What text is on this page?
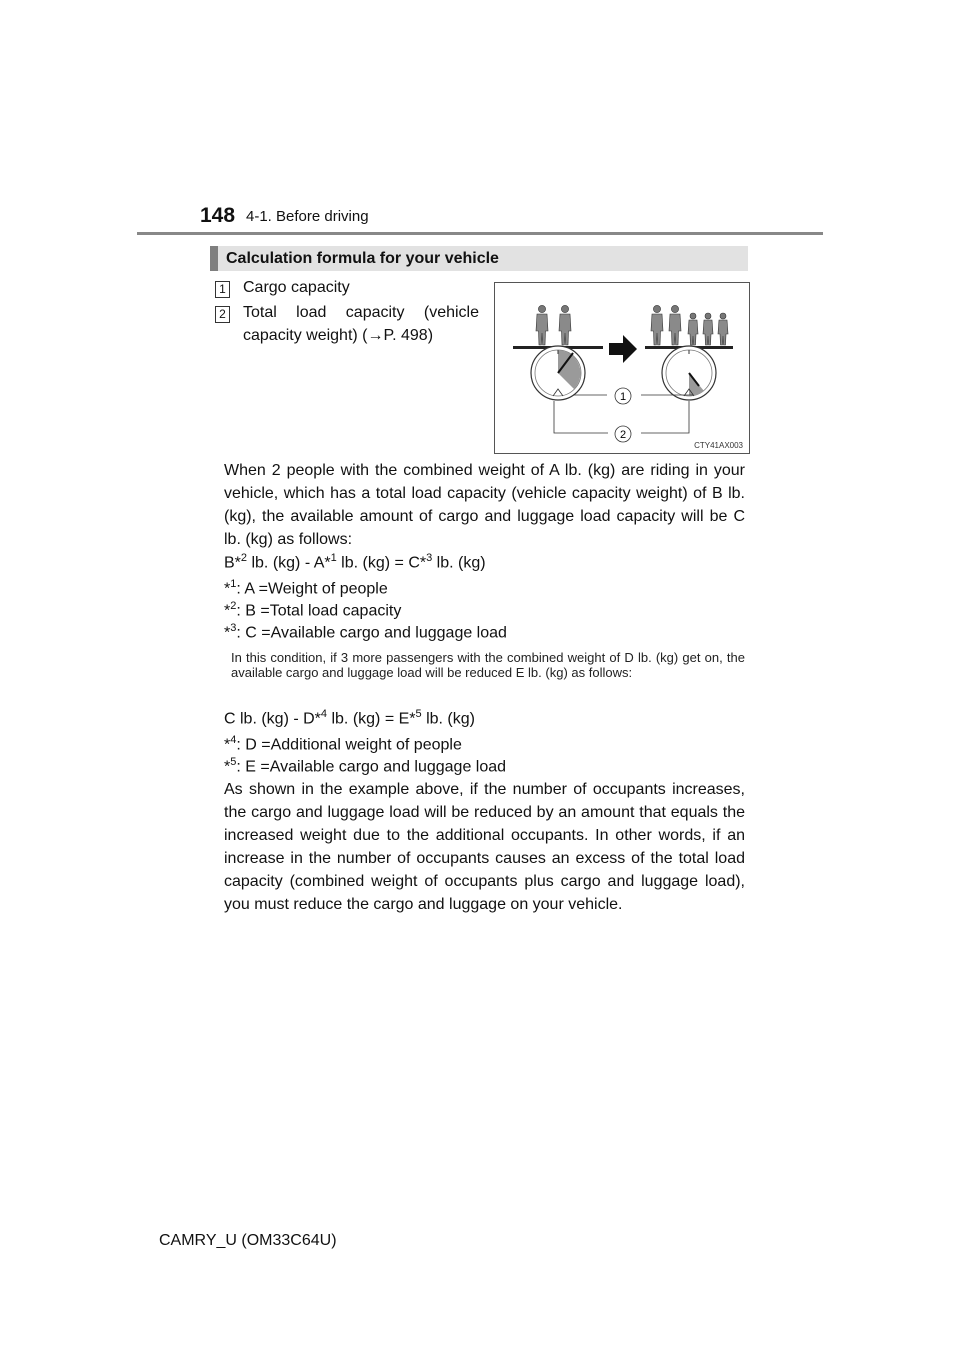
148 4-1. Before driving
Calculation formula for your vehicle
1 Cargo capacity
2 Total load capacity (vehicle
capacity weight) (→P. 498)
1
2
CTY41AX003
When 2 people with the combined weight of A lb. (kg) are riding in your vehicle, which has a total load capacity (vehicle capacity weight) of B lb. (kg), the available amount of cargo and luggage load capacity will be C lb. (kg) as follows:
B*$^2$ lb. (kg) - A*$^1$ lb. (kg) = C*$^3$ lb. (kg)
*$^1$: A =Weight of people
*$^2$: B =Total load capacity
*$^3$: C =Available cargo and luggage load
In this condition, if 3 more passengers with the combined weight of D lb. (kg) get on, the available cargo and luggage load will be reduced E lb. (kg) as follows:
C lb. (kg) - D*$^4$ lb. (kg) = E*$^5$ lb. (kg)
*$^4$: D =Additional weight of people
*$^5$: E =Available cargo and luggage load
As shown in the example above, if the number of occupants increases, the cargo and luggage load will be reduced by an amount that equals the increased weight due to the additional occupants. In other words, if an increase in the number of occupants causes an excess of the total load capacity (combined weight of occupants plus cargo and luggage load), you must reduce the cargo and luggage on your vehicle.
CAMRY_U (OM33C64U)
